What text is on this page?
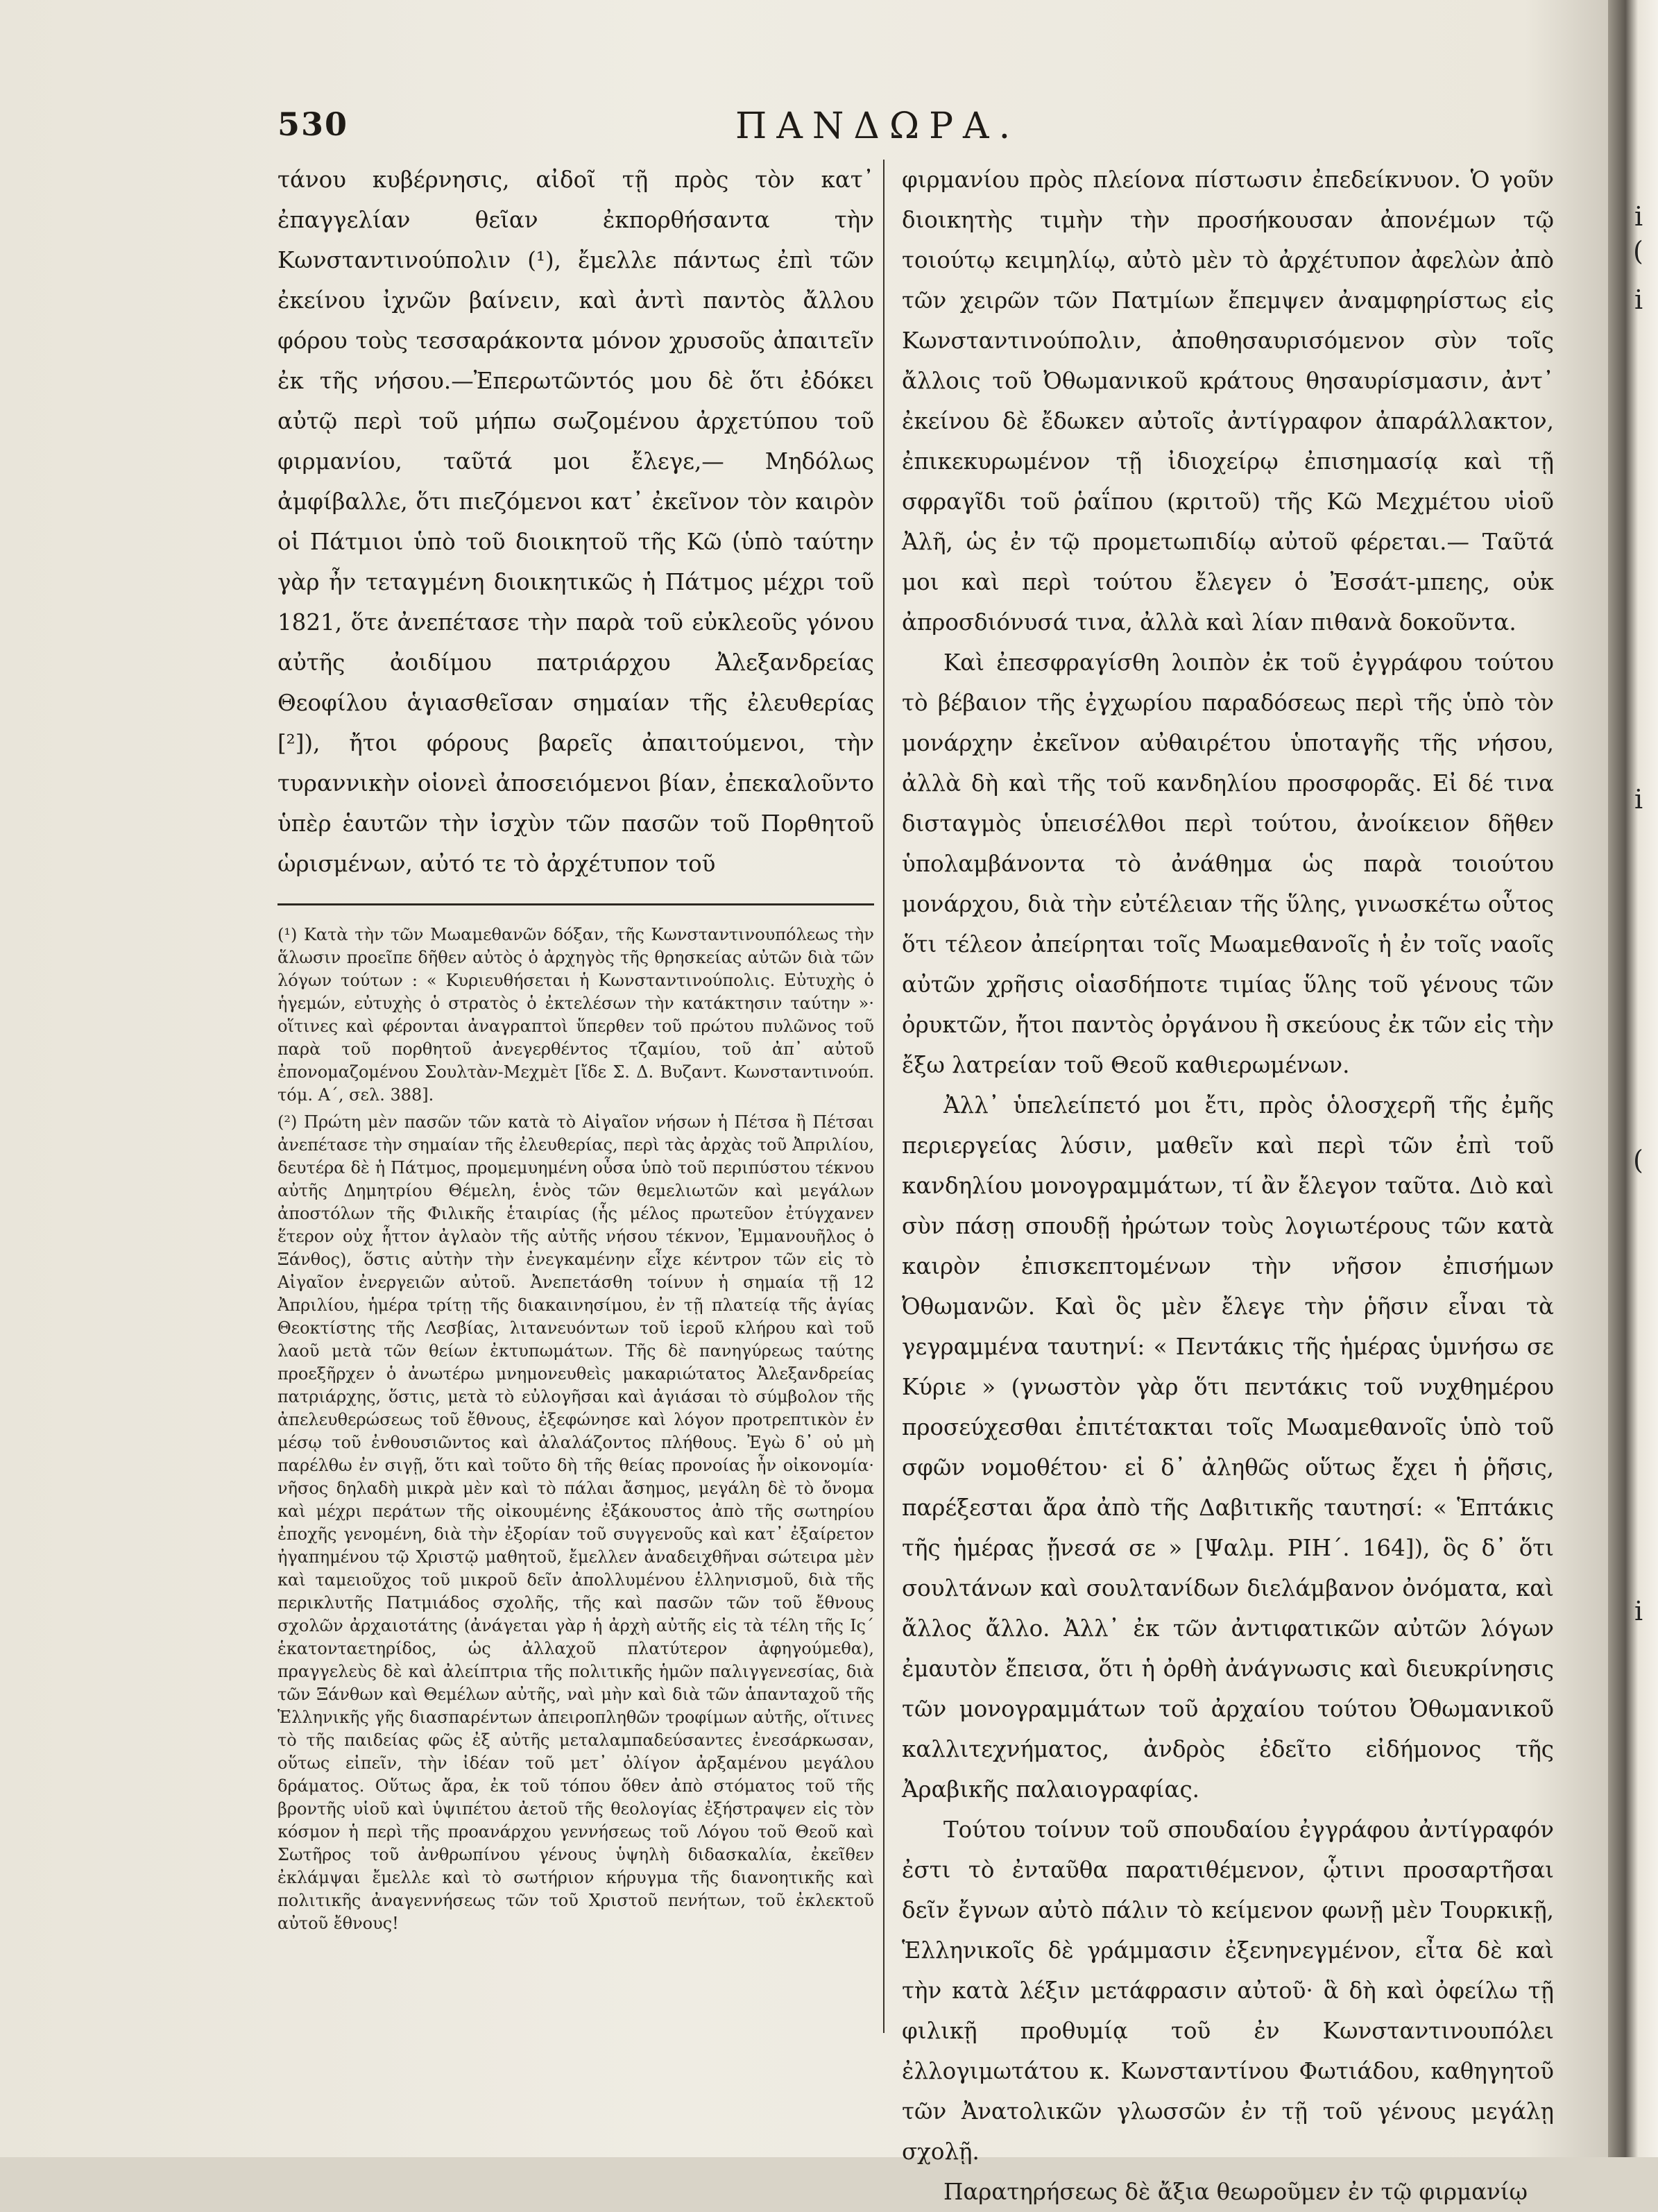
i
(
i
i
(
i
530	ΠΑΝΔΩΡΑ.

τάνου κυβέρνησις, αἰδοῖ τῇ πρὸς τὸν κατ᾿ ἐπαγγελίαν θεῖαν ἐκπορθήσαντα τὴν Κωνσταντινούπολιν (¹), ἔμελλε πάντως ἐπὶ τῶν ἐκείνου ἰχνῶν βαίνειν, καὶ ἀντὶ παντὸς ἄλλου φόρου τοὺς τεσσαράκοντα μόνον χρυσοῦς ἀπαιτεῖν ἐκ τῆς νήσου.—Ἐπερωτῶντός μου δὲ ὅτι ἐδόκει αὐτῷ περὶ τοῦ μήπω σωζομένου ἀρχετύπου τοῦ φιρμανίου, ταῦτά μοι ἔλεγε,— Μηδόλως ἀμφίβαλλε, ὅτι πιεζόμενοι κατ᾿ ἐκεῖνον τὸν καιρὸν οἱ Πάτμιοι ὑπὸ τοῦ διοικητοῦ τῆς Κῶ (ὑπὸ ταύτην γὰρ ἦν τεταγμένη διοικητικῶς ἡ Πάτμος μέχρι τοῦ 1821, ὅτε ἀνεπέτασε τὴν παρὰ τοῦ εὐκλεοῦς γόνου αὐτῆς ἀοιδίμου πατριάρχου Ἀλεξανδρείας Θεοφίλου ἁγιασθεῖσαν σημαίαν τῆς ἐλευθερίας [²]), ἤτοι φόρους βαρεῖς ἀπαιτούμενοι, τὴν τυραννικὴν οἱονεὶ ἀποσειόμενοι βίαν, ἐπεκαλοῦντο ὑπὲρ ἑαυτῶν τὴν ἰσχὺν τῶν πασῶν τοῦ Πορθητοῦ ὡρισμένων, αὐτό τε τὸ ἀρχέτυπον τοῦ

(¹) Κατὰ τὴν τῶν Μωαμεθανῶν δόξαν, τῆς Κωνσταντινουπόλεως τὴν ἅλωσιν προεῖπε δῆθεν αὐτὸς ὁ ἀρχηγὸς τῆς θρησκείας αὐτῶν διὰ τῶν λόγων τούτων : « Κυριευθήσεται ἡ Κωνσταντινούπολις. Εὐτυχὴς ὁ ἡγεμών, εὐτυχὴς ὁ στρατὸς ὁ ἐκτελέσων τὴν κατάκτησιν ταύτην »· οἵτινες καὶ φέρονται ἀναγραπτοὶ ὕπερθεν τοῦ πρώτου πυλῶνος τοῦ παρὰ τοῦ πορθητοῦ ἀνεγερθέντος τζαμίου, τοῦ ἀπ᾿ αὐτοῦ ἐπονομαζομένου Σουλτὰν-Μεχμὲτ [ἴδε Σ. Δ. Βυζαντ. Κωνσταντινούπ. τόμ. Α΄, σελ. 388].

(²) Πρώτη μὲν πασῶν τῶν κατὰ τὸ Αἰγαῖον νήσων ἡ Πέτσα ἢ Πέτσαι ἀνεπέτασε τὴν σημαίαν τῆς ἐλευθερίας, περὶ τὰς ἀρχὰς τοῦ Ἀπριλίου, δευτέρα δὲ ἡ Πάτμος, προμεμυημένη οὖσα ὑπὸ τοῦ περιπύστου τέκνου αὐτῆς Δημητρίου Θέμελη, ἑνὸς τῶν θεμελιωτῶν καὶ μεγάλων ἀποστόλων τῆς Φιλικῆς ἑταιρίας (ἧς μέλος πρωτεῦον ἐτύγχανεν ἕτερον οὐχ ἧττον ἀγλαὸν τῆς αὐτῆς νήσου τέκνον, Ἐμμανουῆλος ὁ Ξάνθος), ὅστις αὐτὴν τὴν ἐνεγκαμένην εἶχε κέντρον τῶν εἰς τὸ Αἰγαῖον ἐνεργειῶν αὐτοῦ. Ἀνεπετάσθη τοίνυν ἡ σημαία τῇ 12 Ἀπριλίου, ἡμέρα τρίτῃ τῆς διακαινησίμου, ἐν τῇ πλατείᾳ τῆς ἁγίας Θεοκτίστης τῆς Λεσβίας, λιτανευόντων τοῦ ἱεροῦ κλήρου καὶ τοῦ λαοῦ μετὰ τῶν θείων ἐκτυπωμάτων. Τῆς δὲ πανηγύρεως ταύτης προεξῆρχεν ὁ ἀνωτέρω μνημονευθεὶς μακαριώτατος Ἀλεξανδρείας πατριάρχης, ὅστις, μετὰ τὸ εὐλογῆσαι καὶ ἁγιάσαι τὸ σύμβολον τῆς ἀπελευθερώσεως τοῦ ἔθνους, ἐξεφώνησε καὶ λόγον προτρεπτικὸν ἐν μέσῳ τοῦ ἐνθουσιῶντος καὶ ἀλαλάζοντος πλήθους. Ἐγὼ δ᾿ οὐ μὴ παρέλθω ἐν σιγῇ, ὅτι καὶ τοῦτο δὴ τῆς θείας προνοίας ἦν οἰκονομία· νῆσος δηλαδὴ μικρὰ μὲν καὶ τὸ πάλαι ἄσημος, μεγάλη δὲ τὸ ὄνομα καὶ μέχρι περάτων τῆς οἰκουμένης ἐξάκουστος ἀπὸ τῆς σωτηρίου ἐποχῆς γενομένη, διὰ τὴν ἐξορίαν τοῦ συγγενοῦς καὶ κατ᾿ ἐξαίρετον ἠγαπημένου τῷ Χριστῷ μαθητοῦ, ἔμελλεν ἀναδειχθῆναι σώτειρα μὲν καὶ ταμειοῦχος τοῦ μικροῦ δεῖν ἀπολλυμένου ἑλληνισμοῦ, διὰ τῆς περικλυτῆς Πατμιάδος σχολῆς, τῆς καὶ πασῶν τῶν τοῦ ἔθνους σχολῶν ἀρχαιοτάτης (ἀνάγεται γὰρ ἡ ἀρχὴ αὐτῆς εἰς τὰ τέλη τῆς Ις΄ ἑκατονταετηρίδος, ὡς ἀλλαχοῦ πλατύτερον ἀφηγούμεθα), πραγγελεὺς δὲ καὶ ἀλείπτρια τῆς πολιτικῆς ἡμῶν παλιγγενεσίας, διὰ τῶν Ξάνθων καὶ Θεμέλων αὐτῆς, ναὶ μὴν καὶ διὰ τῶν ἁπανταχοῦ τῆς Ἑλληνικῆς γῆς διασπαρέντων ἀπειροπληθῶν τροφίμων αὐτῆς, οἵτινες τὸ τῆς παιδείας φῶς ἐξ αὐτῆς μεταλαμπαδεύσαντες ἐνεσάρκωσαν, οὕτως εἰπεῖν, τὴν ἰδέαν τοῦ μετ᾿ ὀλίγον ἀρξαμένου μεγάλου δράματος. Οὕτως ἄρα, ἐκ τοῦ τόπου ὅθεν ἀπὸ στόματος τοῦ τῆς βροντῆς υἱοῦ καὶ ὑψιπέτου ἀετοῦ τῆς θεολογίας ἐξήστραψεν εἰς τὸν κόσμον ἡ περὶ τῆς προανάρχου γεννήσεως τοῦ Λόγου τοῦ Θεοῦ καὶ Σωτῆρος τοῦ ἀνθρωπίνου γένους ὑψηλὴ διδασκαλία, ἐκεῖθεν ἐκλάμψαι ἔμελλε καὶ τὸ σωτήριον κήρυγμα τῆς διανοητικῆς καὶ πολιτικῆς ἀναγεννήσεως τῶν τοῦ Χριστοῦ πενήτων, τοῦ ἐκλεκτοῦ αὐτοῦ ἔθνους!

φιρμανίου πρὸς πλείονα πίστωσιν ἐπεδείκνυον. Ὁ γοῦν διοικητὴς τιμὴν τὴν προσήκουσαν ἀπονέμων τῷ τοιούτῳ κειμηλίῳ, αὐτὸ μὲν τὸ ἀρχέτυπον ἀφελὼν ἀπὸ τῶν χειρῶν τῶν Πατμίων ἔπεμψεν ἀναμφηρίστως εἰς Κωνσταντινούπολιν, ἀποθησαυρισόμενον σὺν τοῖς ἄλλοις τοῦ Ὀθωμανικοῦ κράτους θησαυρίσμασιν, ἀντ᾿ ἐκείνου δὲ ἔδωκεν αὐτοῖς ἀντίγραφον ἀπαράλλακτον, ἐπικεκυρωμένον τῇ ἰδιοχείρῳ ἐπισημασίᾳ καὶ τῇ σφραγῖδι τοῦ ῥαΐπου (κριτοῦ) τῆς Κῶ Μεχμέτου υἱοῦ Ἀλῆ, ὡς ἐν τῷ προμετωπιδίῳ αὐτοῦ φέρεται.— Ταῦτά μοι καὶ περὶ τούτου ἔλεγεν ὁ Ἐσσάτ-μπεης, οὐκ ἀπροσδιόνυσά τινα, ἀλλὰ καὶ λίαν πιθανὰ δοκοῦντα.

Καὶ ἐπεσφραγίσθη λοιπὸν ἐκ τοῦ ἐγγράφου τούτου τὸ βέβαιον τῆς ἐγχωρίου παραδόσεως περὶ τῆς ὑπὸ τὸν μονάρχην ἐκεῖνον αὐθαιρέτου ὑποταγῆς τῆς νήσου, ἀλλὰ δὴ καὶ τῆς τοῦ κανδηλίου προσφορᾶς. Εἰ δέ τινα δισταγμὸς ὑπεισέλθοι περὶ τούτου, ἀνοίκειον δῆθεν ὑπολαμβάνοντα τὸ ἀνάθημα ὡς παρὰ τοιούτου μονάρχου, διὰ τὴν εὐτέλειαν τῆς ὕλης, γινωσκέτω οὗτος ὅτι τέλεον ἀπείρηται τοῖς Μωαμεθανοῖς ἡ ἐν τοῖς ναοῖς αὐτῶν χρῆσις οἱασδήποτε τιμίας ὕλης τοῦ γένους τῶν ὀρυκτῶν, ἤτοι παντὸς ὀργάνου ἢ σκεύους ἐκ τῶν εἰς τὴν ἔξω λατρείαν τοῦ Θεοῦ καθιερωμένων.

Ἀλλ᾿ ὑπελείπετό μοι ἔτι, πρὸς ὁλοσχερῆ τῆς ἐμῆς περιεργείας λύσιν, μαθεῖν καὶ περὶ τῶν ἐπὶ τοῦ κανδηλίου μονογραμμάτων, τί ἂν ἔλεγον ταῦτα. Διὸ καὶ σὺν πάσῃ σπουδῇ ἠρώτων τοὺς λογιωτέρους τῶν κατὰ καιρὸν ἐπισκεπτομένων τὴν νῆσον ἐπισήμων Ὀθωμανῶν. Καὶ ὃς μὲν ἔλεγε τὴν ῥῆσιν εἶναι τὰ γεγραμμένα ταυτηνί: « Πεντάκις τῆς ἡμέρας ὑμνήσω σε Κύριε » (γνωστὸν γὰρ ὅτι πεντάκις τοῦ νυχθημέρου προσεύχεσθαι ἐπιτέτακται τοῖς Μωαμεθανοῖς ὑπὸ τοῦ σφῶν νομοθέτου· εἰ δ᾿ ἀληθῶς οὕτως ἔχει ἡ ῥῆσις, παρέξεσται ἄρα ἀπὸ τῆς Δαβιτικῆς ταυτησί: « Ἑπτάκις τῆς ἡμέρας ᾔνεσά σε » [Ψαλμ. ΡΙΗ΄. 164]), ὃς δ᾿ ὅτι σουλτάνων καὶ σουλτανίδων διελάμβανον ὀνόματα, καὶ ἄλλος ἄλλο. Ἀλλ᾿ ἐκ τῶν ἀντιφατικῶν αὐτῶν λόγων ἐμαυτὸν ἔπεισα, ὅτι ἡ ὀρθὴ ἀνάγνωσις καὶ διευκρίνησις τῶν μονογραμμάτων τοῦ ἀρχαίου τούτου Ὀθωμανικοῦ καλλιτεχνήματος, ἀνδρὸς ἐδεῖτο εἰδήμονος τῆς Ἀραβικῆς παλαιογραφίας.

Τούτου τοίνυν τοῦ σπουδαίου ἐγγράφου ἀντίγραφόν ἐστι τὸ ἐνταῦθα παρατιθέμενον, ᾧτινι προσαρτῆσαι δεῖν ἔγνων αὐτὸ πάλιν τὸ κείμενον φωνῇ μὲν Τουρκικῇ, Ἑλληνικοῖς δὲ γράμμασιν ἐξενηνεγμένον, εἶτα δὲ καὶ τὴν κατὰ λέξιν μετάφρασιν αὐτοῦ· ἃ δὴ καὶ ὀφείλω τῇ φιλικῇ προθυμίᾳ τοῦ ἐν Κωνσταντινουπόλει ἐλλογιμωτάτου κ. Κωνσταντίνου Φωτιάδου, καθηγητοῦ τῶν Ἀνατολικῶν γλωσσῶν ἐν τῇ τοῦ γένους μεγάλῃ σχολῇ.

Παρατηρήσεως δὲ ἄξια θεωροῦμεν ἐν τῷ φιρμανίῳ
